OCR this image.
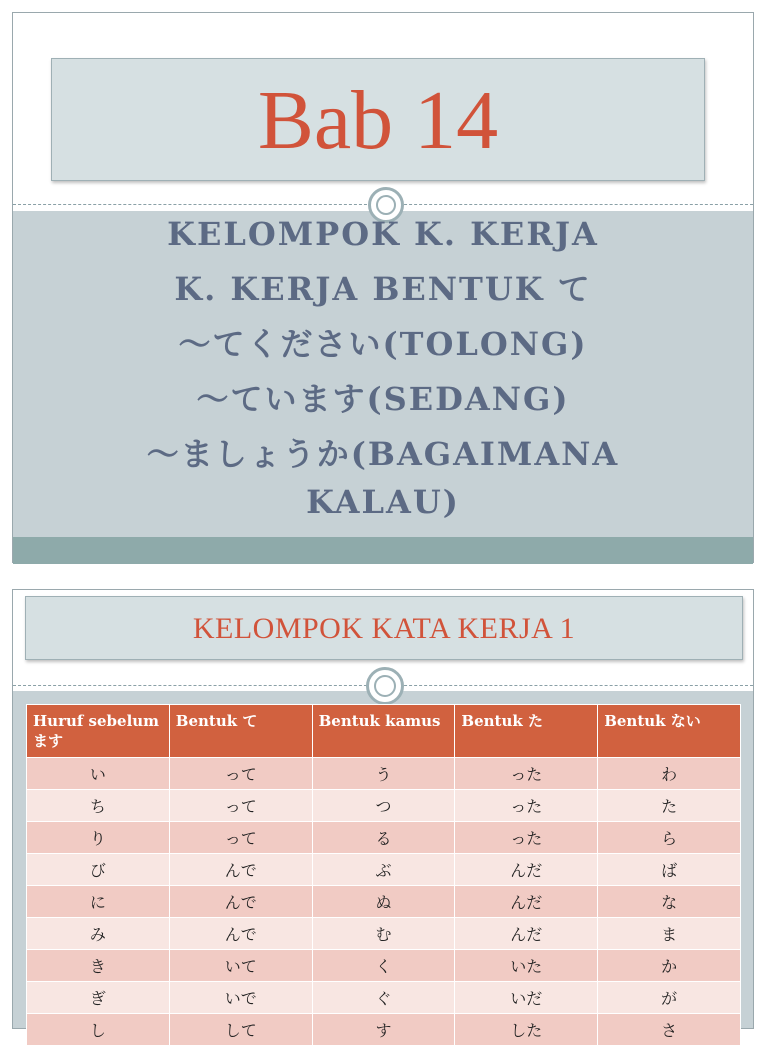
Bab 14
KELOMPOK K. KERJA
K. KERJA BENTUK て
～てください(TOLONG)
～ています(SEDANG)
～ましょうか(BAGAIMANA
KALAU)
KELOMPOK KATA KERJA 1
Huruf sebelum ます	Bentuk て	Bentuk kamus	Bentuk た	Bentuk ない
い	って	う	った	わ
ち	って	つ	った	た
り	って	る	った	ら
び	んで	ぶ	んだ	ば
に	んで	ぬ	んだ	な
み	んで	む	んだ	ま
き	いて	く	いた	か
ぎ	いで	ぐ	いだ	が
し	して	す	した	さ
